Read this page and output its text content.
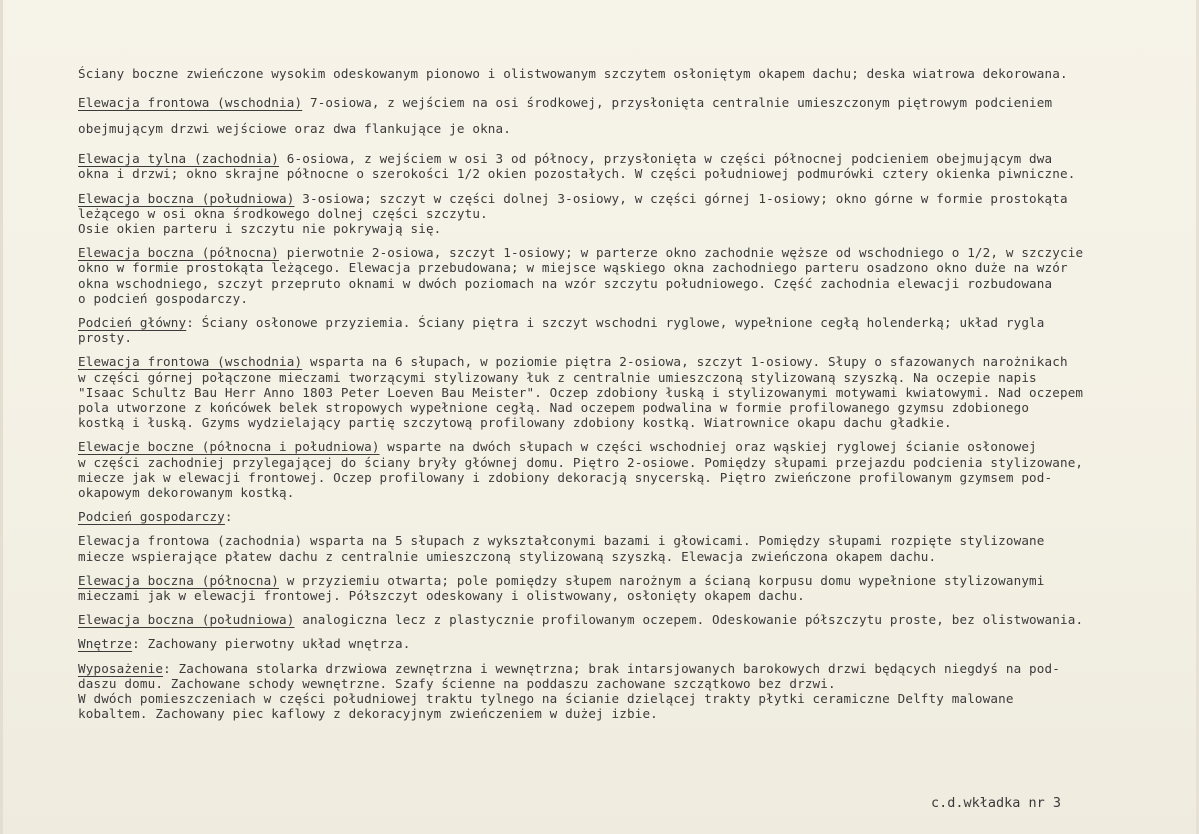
Ściany boczne zwieńczone wysokim odeskowanym pionowo i olistwowanym szczytem osłoniętym okapem dachu; deska wiatrowa dekorowana.
Elewacja frontowa (wschodnia) 7-osiowa, z wejściem na osi środkowej, przysłonięta centralnie umieszczonym piętrowym podcieniem
obejmującym drzwi wejściowe oraz dwa flankujące je okna.
Elewacja tylna (zachodnia) 6-osiowa, z wejściem w osi 3 od północy, przysłonięta w części północnej podcieniem obejmującym dwa
okna i drzwi; okno skrajne północne o szerokości 1/2 okien pozostałych. W części południowej podmurówki cztery okienka piwniczne.
Elewacja boczna (południowa) 3-osiowa; szczyt w części dolnej 3-osiowy, w części górnej 1-osiowy; okno górne w formie prostokąta
leżącego w osi okna środkowego dolnej części szczytu.
Osie okien parteru i szczytu nie pokrywają się.
Elewacja boczna (północna) pierwotnie 2-osiowa, szczyt 1-osiowy; w parterze okno zachodnie węższe od wschodniego o 1/2, w szczycie
okno w formie prostokąta leżącego. Elewacja przebudowana; w miejsce wąskiego okna zachodniego parteru osadzono okno duże na wzór
okna wschodniego, szczyt przepruto oknami w dwóch poziomach na wzór szczytu południowego. Część zachodnia elewacji rozbudowana
o podcień gospodarczy.
Podcień główny: Ściany osłonowe przyziemia. Ściany piętra i szczyt wschodni ryglowe, wypełnione cegłą holenderką; układ rygla
prosty.
Elewacja frontowa (wschodnia) wsparta na 6 słupach, w poziomie piętra 2-osiowa, szczyt 1-osiowy. Słupy o sfazowanych narożnikach
w części górnej połączone mieczami tworzącymi stylizowany łuk z centralnie umieszczoną stylizowaną szyszką. Na oczepie napis
"Isaac Schultz Bau Herr Anno 1803 Peter Loeven Bau Meister". Oczep zdobiony łuską i stylizowanymi motywami kwiatowymi. Nad oczepem
pola utworzone z końcówek belek stropowych wypełnione cegłą. Nad oczepem podwalina w formie profilowanego gzymsu zdobionego
kostką i łuską. Gzyms wydzielający partię szczytową profilowany zdobiony kostką. Wiatrownice okapu dachu gładkie.
Elewacje boczne (północna i południowa) wsparte na dwóch słupach w części wschodniej oraz wąskiej ryglowej ścianie osłonowej
w części zachodniej przylegającej do ściany bryły głównej domu. Piętro 2-osiowe. Pomiędzy słupami przejazdu podcienia stylizowane,
miecze jak w elewacji frontowej. Oczep profilowany i zdobiony dekoracją snycerską. Piętro zwieńczone profilowanym gzymsem pod-
okapowym dekorowanym kostką.
Podcień gospodarczy:
Elewacja frontowa (zachodnia) wsparta na 5 słupach z wykształconymi bazami i głowicami. Pomiędzy słupami rozpięte stylizowane
miecze wspierające płatew dachu z centralnie umieszczoną stylizowaną szyszką. Elewacja zwieńczona okapem dachu.
Elewacja boczna (północna) w przyziemiu otwarta; pole pomiędzy słupem narożnym a ścianą korpusu domu wypełnione stylizowanymi
mieczami jak w elewacji frontowej. Półszczyt odeskowany i olistwowany, osłonięty okapem dachu.
Elewacja boczna (południowa) analogiczna lecz z plastycznie profilowanym oczepem. Odeskowanie półszczytu proste, bez olistwowania.
Wnętrze: Zachowany pierwotny układ wnętrza.
Wyposażenie: Zachowana stolarka drzwiowa zewnętrzna i wewnętrzna; brak intarsjowanych barokowych drzwi będących niegdyś na pod-
daszu domu. Zachowane schody wewnętrzne. Szafy ścienne na poddaszu zachowane szczątkowo bez drzwi.
W dwóch pomieszczeniach w części południowej traktu tylnego na ścianie dzielącej trakty płytki ceramiczne Delfty malowane
kobaltem. Zachowany piec kaflowy z dekoracyjnym zwieńczeniem w dużej izbie.
c.d.wkładka nr 3
